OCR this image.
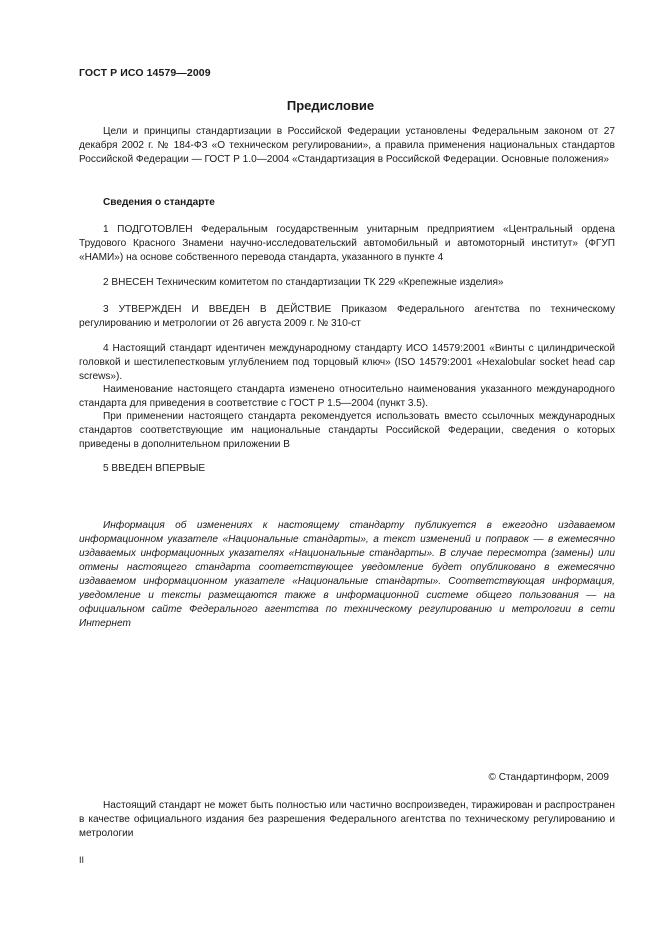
ГОСТ Р ИСО 14579—2009
Предисловие

Цели и принципы стандартизации в Российской Федерации установлены Федеральным законом от 27 декабря 2002 г. № 184-ФЗ «О техническом регулировании», а правила применения национальных стандартов Российской Федерации — ГОСТ Р 1.0—2004 «Стандартизация в Российской Федерации. Основные положения»

Сведения о стандарте

1 ПОДГОТОВЛЕН Федеральным государственным унитарным предприятием «Центральный ордена Трудового Красного Знамени научно-исследовательский автомобильный и автомоторный институт» (ФГУП «НАМИ») на основе собственного перевода стандарта, указанного в пункте 4

2 ВНЕСЕН Техническим комитетом по стандартизации ТК 229 «Крепежные изделия»

3 УТВЕРЖДЕН И ВВЕДЕН В ДЕЙСТВИЕ Приказом Федерального агентства по техническому регулированию и метрологии от 26 августа 2009 г. № 310-ст

4 Настоящий стандарт идентичен международному стандарту ИСО 14579:2001 «Винты с цилиндрической головкой и шестилепестковым углублением под торцовый ключ» (ISO 14579:2001 «Hexalobular socket head cap screws»).

Наименование настоящего стандарта изменено относительно наименования указанного международного стандарта для приведения в соответствие с ГОСТ Р 1.5—2004 (пункт 3.5).

При применении настоящего стандарта рекомендуется использовать вместо ссылочных международных стандартов соответствующие им национальные стандарты Российской Федерации, сведения о которых приведены в дополнительном приложении В

5 ВВЕДЕН ВПЕРВЫЕ

Информация об изменениях к настоящему стандарту публикуется в ежегодно издаваемом информационном указателе «Национальные стандарты», а текст изменений и поправок — в ежемесячно издаваемых информационных указателях «Национальные стандарты». В случае пересмотра (замены) или отмены настоящего стандарта соответствующее уведомление будет опубликовано в ежемесячно издаваемом информационном указателе «Национальные стандарты». Соответствующая информация, уведомление и тексты размещаются также в информационной системе общего пользования — на официальном сайте Федерального агентства по техническому регулированию и метрологии в сети Интернет

© Стандартинформ, 2009

Настоящий стандарт не может быть полностью или частично воспроизведен, тиражирован и распространен в качестве официального издания без разрешения Федерального агентства по техническому регулированию и метрологии

II
